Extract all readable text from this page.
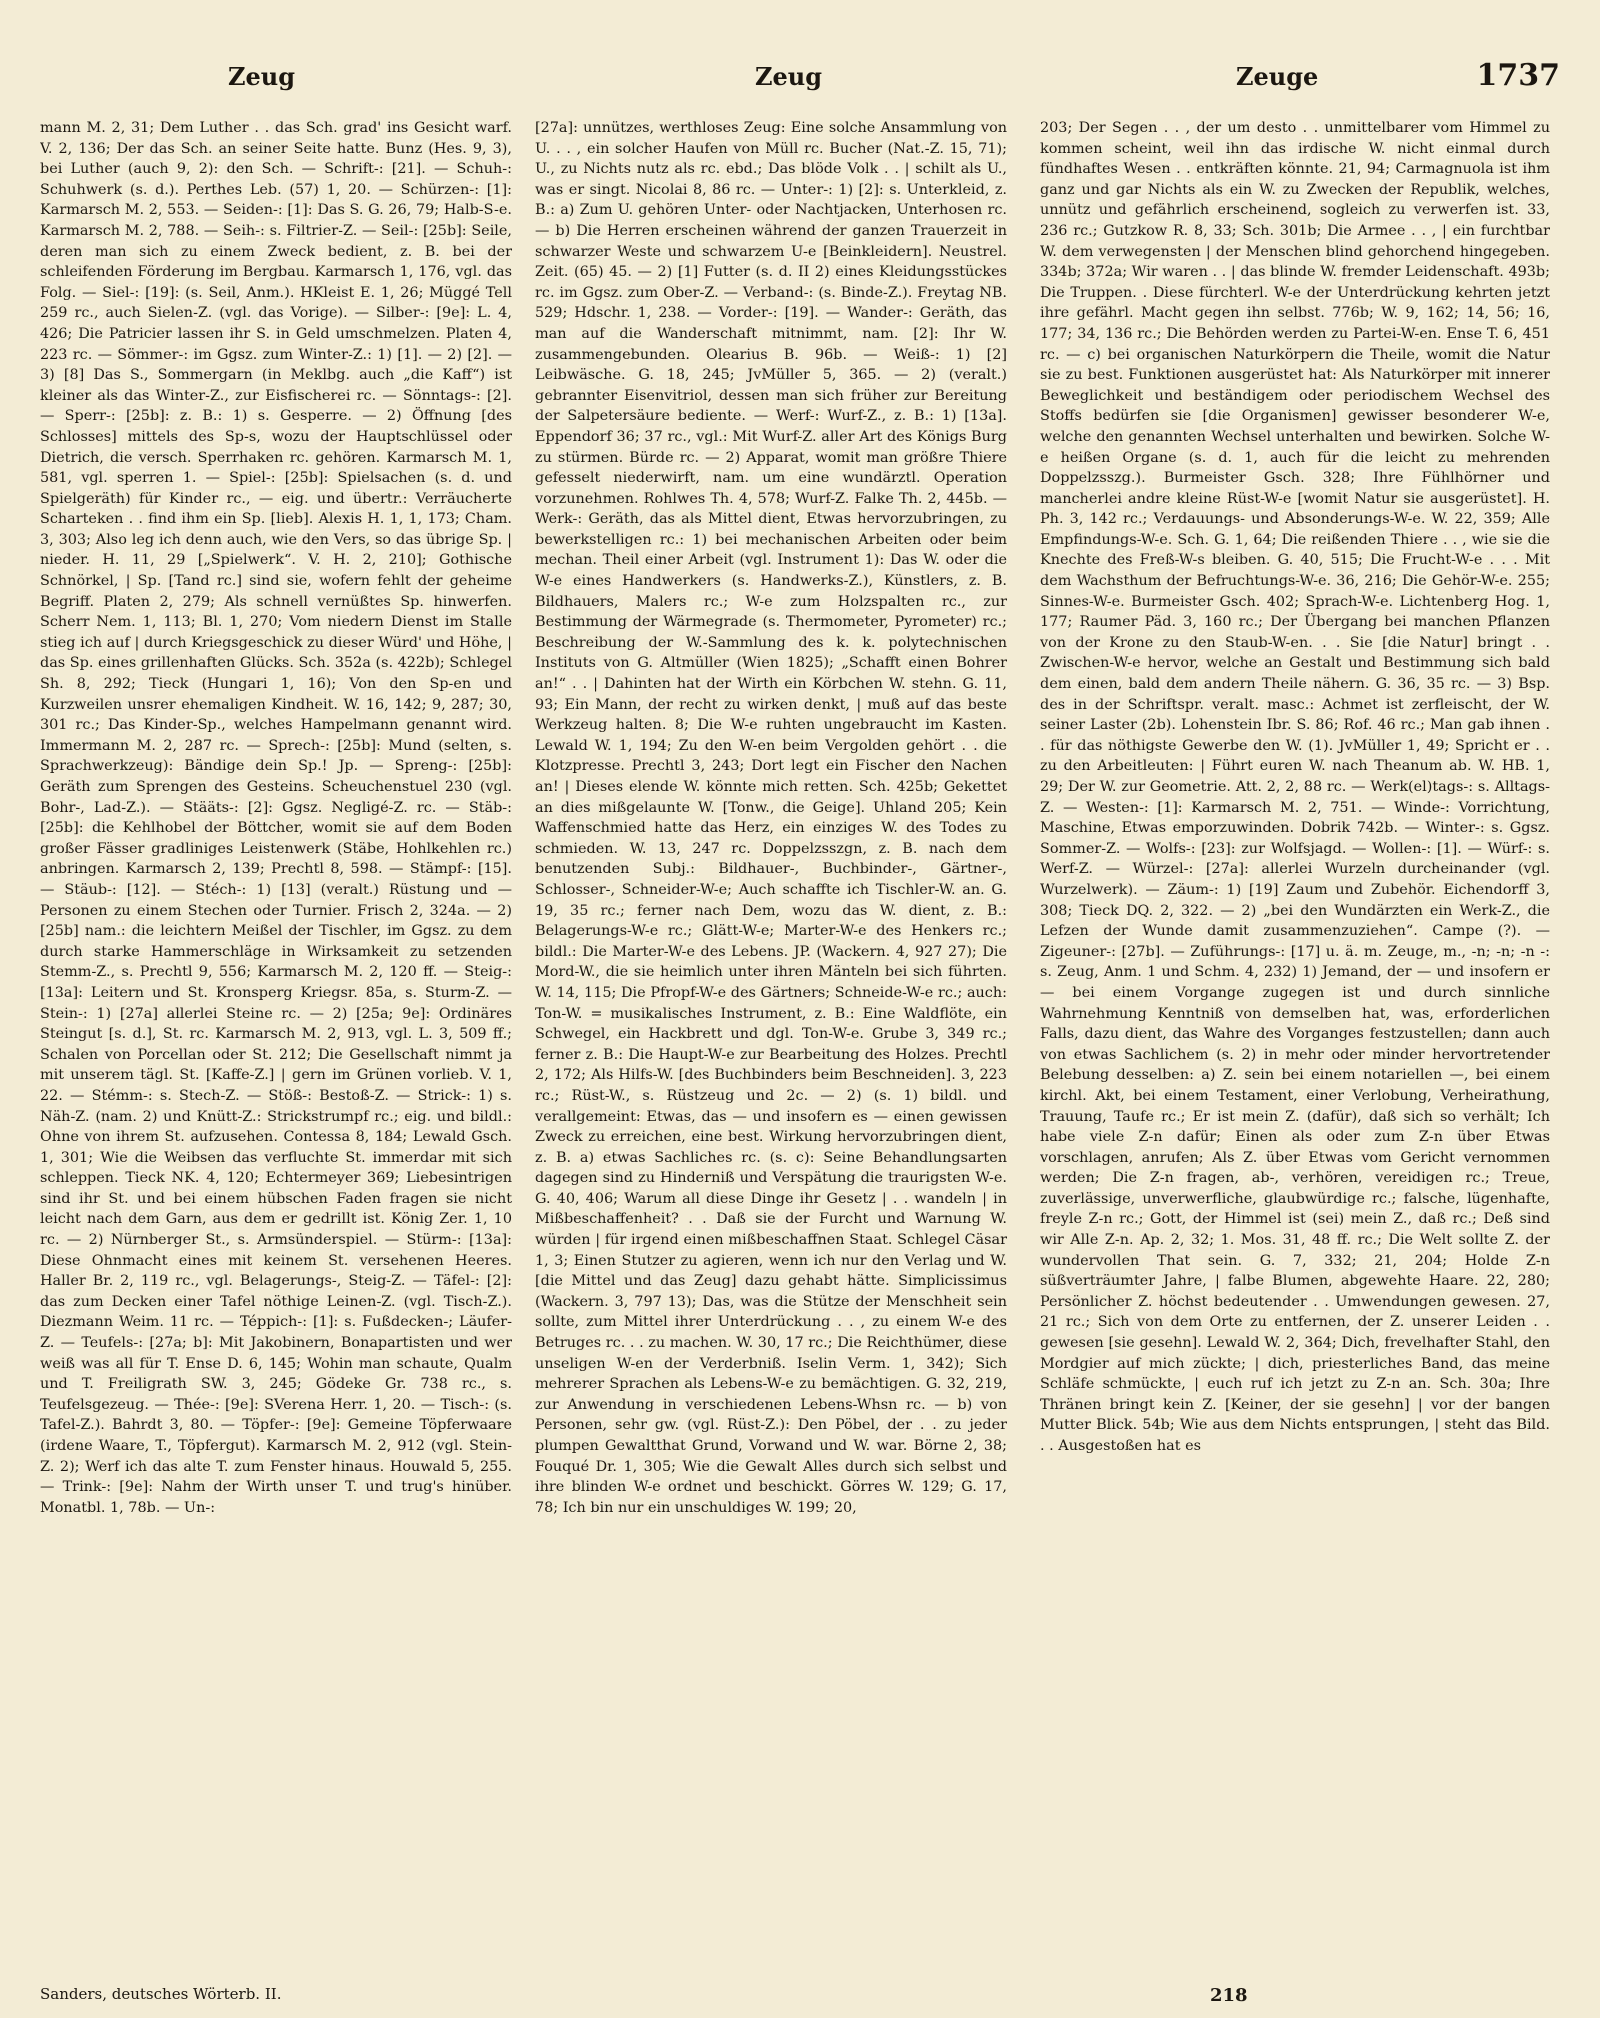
Zeug	Zeug	Zeuge	1737

mann M. 2, 31; Dem Luther . . das Sch. grad' ins Gesicht warf. V. 2, 136; Der das Sch. an seiner Seite hatte. Bunz (Hes. 9, 3), bei Luther (auch 9, 2): den Sch. — Schrift-: [21]. — Schuh-: Schuhwerk (s. d.). Perthes Leb. (57) 1, 20. — Schürzen-: [1]: Karmarsch M. 2, 553. — Seiden-: [1]: Das S. G. 26, 79; Halb-S-e. Karmarsch M. 2, 788. — Seih-: s. Filtrier-Z. — Seil-: [25b]: Seile, deren man sich zu einem Zweck bedient, z. B. bei der schleifenden Förderung im Bergbau. Karmarsch 1, 176, vgl. das Folg. — Siel-: [19]: (s. Seil, Anm.). HKleist E. 1, 26; Müggé Tell 259 rc., auch Sielen-Z. (vgl. das Vorige). — Silber-: [9e]: L. 4, 426; Die Patricier lassen ihr S. in Geld umschmelzen. Platen 4, 223 rc. — Sömmer-: im Ggsz. zum Winter-Z.: 1) [1]. — 2) [2]. — 3) [8] Das S., Sommergarn (in Meklbg. auch „die Kaff“) ist kleiner als das Winter-Z., zur Eisfischerei rc. — Sönntags-: [2]. — Sperr-: [25b]: z. B.: 1) s. Gesperre. — 2) Öffnung [des Schlosses] mittels des Sp-s, wozu der Hauptschlüssel oder Dietrich, die versch. Sperrhaken rc. gehören. Karmarsch M. 1, 581, vgl. sperren 1. — Spiel-: [25b]: Spielsachen (s. d. und Spielgeräth) für Kinder rc., — eig. und übertr.: Verräucherte Scharteken . . find ihm ein Sp. [lieb]. Alexis H. 1, 1, 173; Cham. 3, 303; Also leg ich denn auch, wie den Vers, so das übrige Sp. | nieder. H. 11, 29 [„Spielwerk“. V. H. 2, 210]; Gothische Schnörkel, | Sp. [Tand rc.] sind sie, wofern fehlt der geheime Begriff. Platen 2, 279; Als schnell vernüßtes Sp. hinwerfen. Scherr Nem. 1, 113; Bl. 1, 270; Vom niedern Dienst im Stalle stieg ich auf | durch Kriegsgeschick zu dieser Würd' und Höhe, | das Sp. eines grillenhaften Glücks. Sch. 352a (s. 422b); Schlegel Sh. 8, 292; Tieck (Hungari 1, 16); Von den Sp-en und Kurzweilen unsrer ehemaligen Kindheit. W. 16, 142; 9, 287; 30, 301 rc.; Das Kinder-Sp., welches Hampelmann genannt wird. Immermann M. 2, 287 rc. — Sprech-: [25b]: Mund (selten, s. Sprachwerkzeug): Bändige dein Sp.! Jp. — Spreng-: [25b]: Geräth zum Sprengen des Gesteins. Scheuchenstuel 230 (vgl. Bohr-, Lad-Z.). — Stääts-: [2]: Ggsz. Negligé-Z. rc. — Stäb-: [25b]: die Kehlhobel der Böttcher, womit sie auf dem Boden großer Fässer gradliniges Leistenwerk (Stäbe, Hohlkehlen rc.) anbringen. Karmarsch 2, 139; Prechtl 8, 598. — Stämpf-: [15]. — Stäub-: [12]. — Stéch-: 1) [13] (veralt.) Rüstung und — Personen zu einem Stechen oder Turnier. Frisch 2, 324a. — 2) [25b] nam.: die leichtern Meißel der Tischler, im Ggsz. zu dem durch starke Hammerschläge in Wirksamkeit zu setzenden Stemm-Z., s. Prechtl 9, 556; Karmarsch M. 2, 120 ff. — Steig-: [13a]: Leitern und St. Kronsperg Kriegsr. 85a, s. Sturm-Z. — Stein-: 1) [27a] allerlei Steine rc. — 2) [25a; 9e]: Ordinäres Steingut [s. d.], St. rc. Karmarsch M. 2, 913, vgl. L. 3, 509 ff.; Schalen von Porcellan oder St. 212; Die Gesellschaft nimmt ja mit unserem tägl. St. [Kaffe-Z.] | gern im Grünen vorlieb. V. 1, 22. — Stémm-: s. Stech-Z. — Stöß-: Bestoß-Z. — Strick-: 1) s. Näh-Z. (nam. 2) und Knütt-Z.: Strickstrumpf rc.; eig. und bildl.: Ohne von ihrem St. aufzusehen. Contessa 8, 184; Lewald Gsch. 1, 301; Wie die Weibsen das verfluchte St. immerdar mit sich schleppen. Tieck NK. 4, 120; Echtermeyer 369; Liebesintrigen sind ihr St. und bei einem hübschen Faden fragen sie nicht leicht nach dem Garn, aus dem er gedrillt ist. König Zer. 1, 10 rc. — 2) Nürnberger St., s. Armsünderspiel. — Stürm-: [13a]: Diese Ohnmacht eines mit keinem St. versehenen Heeres. Haller Br. 2, 119 rc., vgl. Belagerungs-, Steig-Z. — Täfel-: [2]: das zum Decken einer Tafel nöthige Leinen-Z. (vgl. Tisch-Z.). Diezmann Weim. 11 rc. — Téppich-: [1]: s. Fußdecken-; Läufer-Z. — Teufels-: [27a; b]: Mit Jakobinern, Bonapartisten und wer weiß was all für T. Ense D. 6, 145; Wohin man schaute, Qualm und T. Freiligrath SW. 3, 245; Gödeke Gr. 738 rc., s. Teufelsgezeug. — Thée-: [9e]: SVerena Herr. 1, 20. — Tisch-: (s. Tafel-Z.). Bahrdt 3, 80. — Töpfer-: [9e]: Gemeine Töpferwaare (irdene Waare, T., Töpfergut). Karmarsch M. 2, 912 (vgl. Stein-Z. 2); Werf ich das alte T. zum Fenster hinaus. Houwald 5, 255. — Trink-: [9e]: Nahm der Wirth unser T. und trug's hinüber. Monatbl. 1, 78b. — Un-:

[27a]: unnützes, werthloses Zeug: Eine solche Ansammlung von U. . . , ein solcher Haufen von Müll rc. Bucher (Nat.-Z. 15, 71); U., zu Nichts nutz als rc. ebd.; Das blöde Volk . . | schilt als U., was er singt. Nicolai 8, 86 rc. — Unter-: 1) [2]: s. Unterkleid, z. B.: a) Zum U. gehören Unter- oder Nachtjacken, Unterhosen rc. — b) Die Herren erscheinen während der ganzen Trauerzeit in schwarzer Weste und schwarzem U-e [Beinkleidern]. Neustrel. Zeit. (65) 45. — 2) [1] Futter (s. d. II 2) eines Kleidungsstückes rc. im Ggsz. zum Ober-Z. — Verband-: (s. Binde-Z.). Freytag NB. 529; Hdschr. 1, 238. — Vorder-: [19]. — Wander-: Geräth, das man auf die Wanderschaft mitnimmt, nam. [2]: Ihr W. zusammengebunden. Olearius B. 96b. — Weiß-: 1) [2] Leibwäsche. G. 18, 245; JvMüller 5, 365. — 2) (veralt.) gebrannter Eisenvitriol, dessen man sich früher zur Bereitung der Salpetersäure bediente. — Werf-: Wurf-Z., z. B.: 1) [13a]. Eppendorf 36; 37 rc., vgl.: Mit Wurf-Z. aller Art des Königs Burg zu stürmen. Bürde rc. — 2) Apparat, womit man größre Thiere gefesselt niederwirft, nam. um eine wundärztl. Operation vorzunehmen. Rohlwes Th. 4, 578; Wurf-Z. Falke Th. 2, 445b. — Werk-: Geräth, das als Mittel dient, Etwas hervorzubringen, zu bewerkstelligen rc.: 1) bei mechanischen Arbeiten oder beim mechan. Theil einer Arbeit (vgl. Instrument 1): Das W. oder die W-e eines Handwerkers (s. Handwerks-Z.), Künstlers, z. B. Bildhauers, Malers rc.; W-e zum Holzspalten rc., zur Bestimmung der Wärmegrade (s. Thermometer, Pyrometer) rc.; Beschreibung der W.-Sammlung des k. k. polytechnischen Instituts von G. Altmüller (Wien 1825); „Schafft einen Bohrer an!“ . . | Dahinten hat der Wirth ein Körbchen W. stehn. G. 11, 93; Ein Mann, der recht zu wirken denkt, | muß auf das beste Werkzeug halten. 8; Die W-e ruhten ungebraucht im Kasten. Lewald W. 1, 194; Zu den W-en beim Vergolden gehört . . die Klotzpresse. Prechtl 3, 243; Dort legt ein Fischer den Nachen an! | Dieses elende W. könnte mich retten. Sch. 425b; Gekettet an dies mißgelaunte W. [Tonw., die Geige]. Uhland 205; Kein Waffenschmied hatte das Herz, ein einziges W. des Todes zu schmieden. W. 13, 247 rc. Doppelzsszgn, z. B. nach dem benutzenden Subj.: Bildhauer-, Buchbinder-, Gärtner-, Schlosser-, Schneider-W-e; Auch schaffte ich Tischler-W. an. G. 19, 35 rc.; ferner nach Dem, wozu das W. dient, z. B.: Belagerungs-W-e rc.; Glätt-W-e; Marter-W-e des Henkers rc.; bildl.: Die Marter-W-e des Lebens. JP. (Wackern. 4, 927 27); Die Mord-W., die sie heimlich unter ihren Mänteln bei sich führten. W. 14, 115; Die Pfropf-W-e des Gärtners; Schneide-W-e rc.; auch: Ton-W. = musikalisches Instrument, z. B.: Eine Waldflöte, ein Schwegel, ein Hackbrett und dgl. Ton-W-e. Grube 3, 349 rc.; ferner z. B.: Die Haupt-W-e zur Bearbeitung des Holzes. Prechtl 2, 172; Als Hilfs-W. [des Buchbinders beim Beschneiden]. 3, 223 rc.; Rüst-W., s. Rüstzeug und 2c. — 2) (s. 1) bildl. und verallgemeint: Etwas, das — und insofern es — einen gewissen Zweck zu erreichen, eine best. Wirkung hervorzubringen dient, z. B. a) etwas Sachliches rc. (s. c): Seine Behandlungsarten dagegen sind zu Hinderniß und Verspätung die traurigsten W-e. G. 40, 406; Warum all diese Dinge ihr Gesetz | . . wandeln | in Mißbeschaffenheit? . . Daß sie der Furcht und Warnung W. würden | für irgend einen mißbeschaffnen Staat. Schlegel Cäsar 1, 3; Einen Stutzer zu agieren, wenn ich nur den Verlag und W. [die Mittel und das Zeug] dazu gehabt hätte. Simplicissimus (Wackern. 3, 797 13); Das, was die Stütze der Menschheit sein sollte, zum Mittel ihrer Unterdrückung . . , zu einem W-e des Betruges rc. . . zu machen. W. 30, 17 rc.; Die Reichthümer, diese unseligen W-en der Verderbniß. Iselin Verm. 1, 342); Sich mehrerer Sprachen als Lebens-W-e zu bemächtigen. G. 32, 219, zur Anwendung in verschiedenen Lebens-Whsn rc. — b) von Personen, sehr gw. (vgl. Rüst-Z.): Den Pöbel, der . . zu jeder plumpen Gewaltthat Grund, Vorwand und W. war. Börne 2, 38; Fouqué Dr. 1, 305; Wie die Gewalt Alles durch sich selbst und ihre blinden W-e ordnet und beschickt. Görres W. 129; G. 17, 78; Ich bin nur ein unschuldiges W. 199; 20,

203; Der Segen . . , der um desto . . unmittelbarer vom Himmel zu kommen scheint, weil ihn das irdische W. nicht einmal durch fündhaftes Wesen . . entkräften könnte. 21, 94; Carmagnuola ist ihm ganz und gar Nichts als ein W. zu Zwecken der Republik, welches, unnütz und gefährlich erscheinend, sogleich zu verwerfen ist. 33, 236 rc.; Gutzkow R. 8, 33; Sch. 301b; Die Armee . . , | ein furchtbar W. dem verwegensten | der Menschen blind gehorchend hingegeben. 334b; 372a; Wir waren . . | das blinde W. fremder Leidenschaft. 493b; Die Truppen. . Diese fürchterl. W-e der Unterdrückung kehrten jetzt ihre gefährl. Macht gegen ihn selbst. 776b; W. 9, 162; 14, 56; 16, 177; 34, 136 rc.; Die Behörden werden zu Partei-W-en. Ense T. 6, 451 rc. — c) bei organischen Naturkörpern die Theile, womit die Natur sie zu best. Funktionen ausgerüstet hat: Als Naturkörper mit innerer Beweglichkeit und beständigem oder periodischem Wechsel des Stoffs bedürfen sie [die Organismen] gewisser besonderer W-e, welche den genannten Wechsel unterhalten und bewirken. Solche W-e heißen Organe (s. d. 1, auch für die leicht zu mehrenden Doppelzsszg.). Burmeister Gsch. 328; Ihre Fühlhörner und mancherlei andre kleine Rüst-W-e [womit Natur sie ausgerüstet]. H. Ph. 3, 142 rc.; Verdauungs- und Absonderungs-W-e. W. 22, 359; Alle Empfindungs-W-e. Sch. G. 1, 64; Die reißenden Thiere . . , wie sie die Knechte des Freß-W-s bleiben. G. 40, 515; Die Frucht-W-e . . . Mit dem Wachsthum der Befruchtungs-W-e. 36, 216; Die Gehör-W-e. 255; Sinnes-W-e. Burmeister Gsch. 402; Sprach-W-e. Lichtenberg Hog. 1, 177; Raumer Päd. 3, 160 rc.; Der Übergang bei manchen Pflanzen von der Krone zu den Staub-W-en. . . Sie [die Natur] bringt . . Zwischen-W-e hervor, welche an Gestalt und Bestimmung sich bald dem einen, bald dem andern Theile nähern. G. 36, 35 rc. — 3) Bsp. des in der Schriftspr. veralt. masc.: Achmet ist zerfleischt, der W. seiner Laster (2b). Lohenstein Ibr. S. 86; Rof. 46 rc.; Man gab ihnen . . für das nöthigste Gewerbe den W. (1). JvMüller 1, 49; Spricht er . . zu den Arbeitleuten: | Führt euren W. nach Theanum ab. W. HB. 1, 29; Der W. zur Geometrie. Att. 2, 2, 88 rc. — Werk(el)tags-: s. Alltags-Z. — Westen-: [1]: Karmarsch M. 2, 751. — Winde-: Vorrichtung, Maschine, Etwas emporzuwinden. Dobrik 742b. — Winter-: s. Ggsz. Sommer-Z. — Wolfs-: [23]: zur Wolfsjagd. — Wollen-: [1]. — Würf-: s. Werf-Z. — Würzel-: [27a]: allerlei Wurzeln durcheinander (vgl. Wurzelwerk). — Zäum-: 1) [19] Zaum und Zubehör. Eichendorff 3, 308; Tieck DQ. 2, 322. — 2) „bei den Wundärzten ein Werk-Z., die Lefzen der Wunde damit zusammenzuziehen“. Campe (?). — Zigeuner-: [27b]. — Zuführungs-: [17] u. ä. m. Zeuge, m., -n; -n; -n -: s. Zeug, Anm. 1 und Schm. 4, 232) 1) Jemand, der — und insofern er — bei einem Vorgange zugegen ist und durch sinnliche Wahrnehmung Kenntniß von demselben hat, was, erforderlichen Falls, dazu dient, das Wahre des Vorganges festzustellen; dann auch von etwas Sachlichem (s. 2) in mehr oder minder hervortretender Belebung desselben: a) Z. sein bei einem notariellen —, bei einem kirchl. Akt, bei einem Testament, einer Verlobung, Verheirathung, Trauung, Taufe rc.; Er ist mein Z. (dafür), daß sich so verhält; Ich habe viele Z-n dafür; Einen als oder zum Z-n über Etwas vorschlagen, anrufen; Als Z. über Etwas vom Gericht vernommen werden; Die Z-n fragen, ab-, verhören, vereidigen rc.; Treue, zuverlässige, unverwerfliche, glaubwürdige rc.; falsche, lügenhafte, freyle Z-n rc.; Gott, der Himmel ist (sei) mein Z., daß rc.; Deß sind wir Alle Z-n. Ap. 2, 32; 1. Mos. 31, 48 ff. rc.; Die Welt sollte Z. der wundervollen That sein. G. 7, 332; 21, 204; Holde Z-n süßverträumter Jahre, | falbe Blumen, abgewehte Haare. 22, 280; Persönlicher Z. höchst bedeutender . . Umwendungen gewesen. 27, 21 rc.; Sich von dem Orte zu entfernen, der Z. unserer Leiden . . gewesen [sie gesehn]. Lewald W. 2, 364; Dich, frevelhafter Stahl, den Mordgier auf mich zückte; | dich, priesterliches Band, das meine Schläfe schmückte, | euch ruf ich jetzt zu Z-n an. Sch. 30a; Ihre Thränen bringt kein Z. [Keiner, der sie gesehn] | vor der bangen Mutter Blick. 54b; Wie aus dem Nichts entsprungen, | steht das Bild. . . Ausgestoßen hat es

Sanders, deutsches Wörterb. II.	218
